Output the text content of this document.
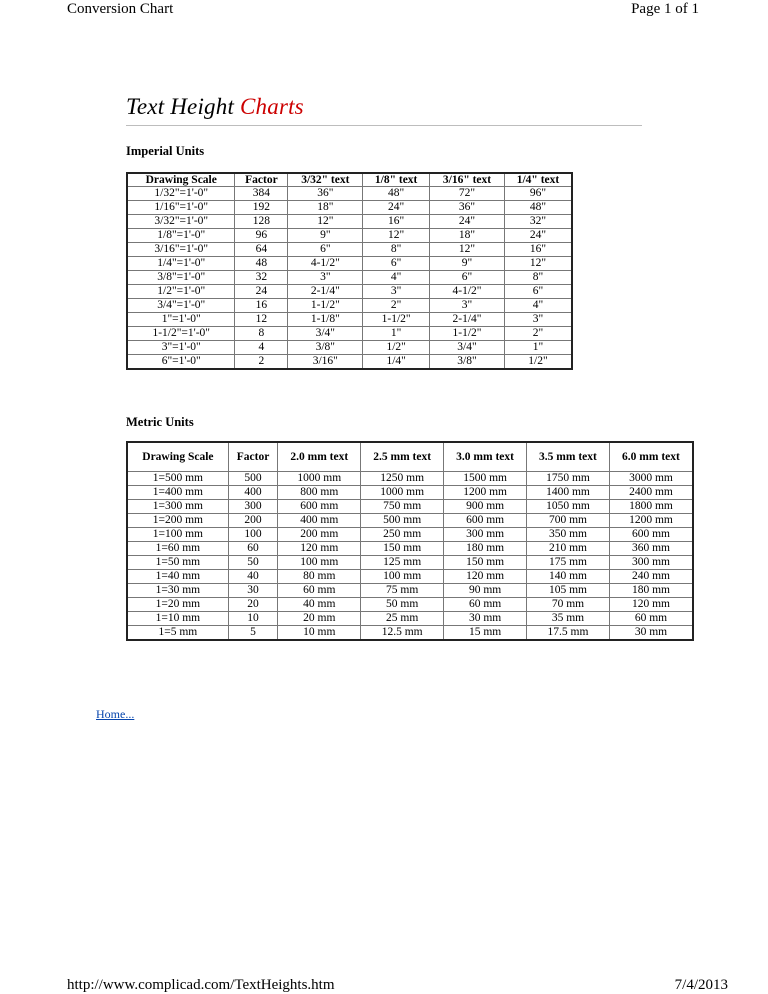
Conversion Chart	Page 1 of 1
Text Height Charts
Imperial Units
Drawing Scale	Factor	3/32" text	1/8" text	3/16" text	1/4" text
1/32"=1'-0"	384	36"	48"	72"	96"
1/16"=1'-0"	192	18"	24"	36"	48"
3/32"=1'-0"	128	12"	16"	24"	32"
1/8"=1'-0"	96	9"	12"	18"	24"
3/16"=1'-0"	64	6"	8"	12"	16"
1/4"=1'-0"	48	4-1/2"	6"	9"	12"
3/8"=1'-0"	32	3"	4"	6"	8"
1/2"=1'-0"	24	2-1/4"	3"	4-1/2"	6"
3/4"=1'-0"	16	1-1/2"	2"	3"	4"
1"=1'-0"	12	1-1/8"	1-1/2"	2-1/4"	3"
1-1/2"=1'-0"	8	3/4"	1"	1-1/2"	2"
3"=1'-0"	4	3/8"	1/2"	3/4"	1"
6"=1'-0"	2	3/16"	1/4"	3/8"	1/2"
Metric Units
Drawing Scale	Factor	2.0 mm text	2.5 mm text	3.0 mm text	3.5 mm text	6.0 mm text
1=500 mm	500	1000 mm	1250 mm	1500 mm	1750 mm	3000 mm
1=400 mm	400	800 mm	1000 mm	1200 mm	1400 mm	2400 mm
1=300 mm	300	600 mm	750 mm	900 mm	1050 mm	1800 mm
1=200 mm	200	400 mm	500 mm	600 mm	700 mm	1200 mm
1=100 mm	100	200 mm	250 mm	300 mm	350 mm	600 mm
1=60 mm	60	120 mm	150 mm	180 mm	210 mm	360 mm
1=50 mm	50	100 mm	125 mm	150 mm	175 mm	300 mm
1=40 mm	40	80 mm	100 mm	120 mm	140 mm	240 mm
1=30 mm	30	60 mm	75 mm	90 mm	105 mm	180 mm
1=20 mm	20	40 mm	50 mm	60 mm	70 mm	120 mm
1=10 mm	10	20 mm	25 mm	30 mm	35 mm	60 mm
1=5 mm	5	10 mm	12.5 mm	15 mm	17.5 mm	30 mm
Home...
http://www.complicad.com/TextHeights.htm	7/4/2013
